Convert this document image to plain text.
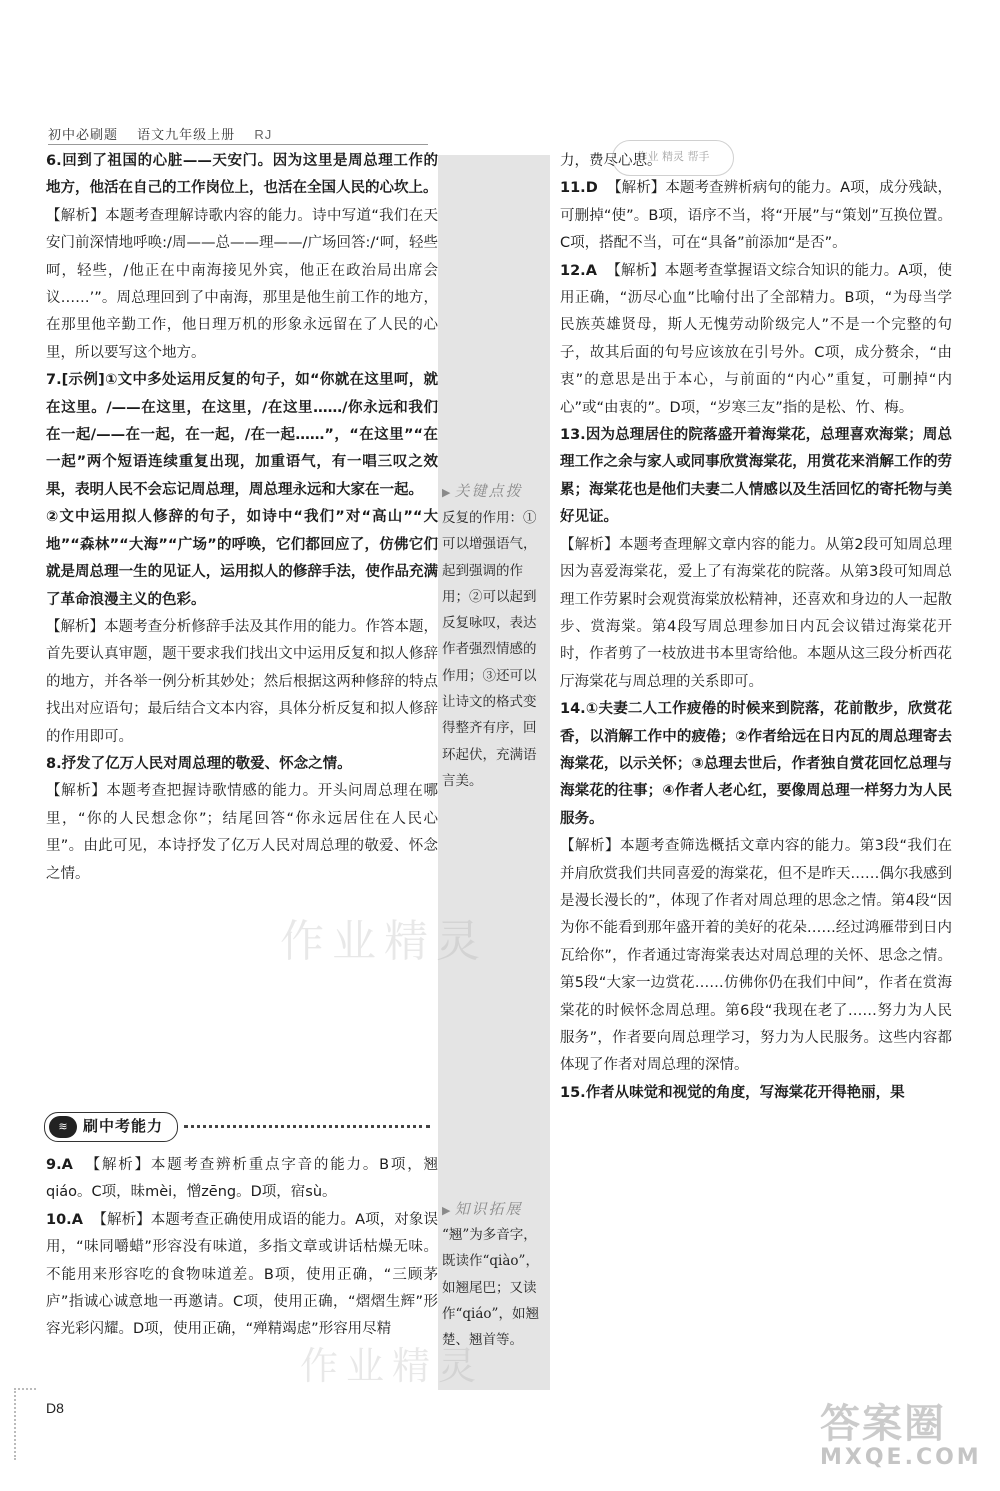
初中必刷题 语文九年级上册 RJ
作业 精灵 帮手
▶ 关键点拨
反复的作用：①可以增强语气，起到强调的作用；②可以起到反复咏叹，表达作者强烈情感的作用；③还可以让诗文的格式变得整齐有序，回环起伏，充满语言美。
▶ 知识拓展
“翘”为多音字，既读作“qiào”，如翘尾巴；又读作“qiáo”，如翘楚、翘首等。

6.回到了祖国的心脏——天安门。因为这里是周总理工作的地方，他活在自己的工作岗位上，也活在全国人民的心坎上。

【解析】本题考查理解诗歌内容的能力。诗中写道“我们在天安门前深情地呼唤:/周——总——理——/广场回答:/‘呵，轻些呵，轻些，/他正在中南海接见外宾，他正在政治局出席会议……’”。周总理回到了中南海，那里是他生前工作的地方，在那里他辛勤工作，他日理万机的形象永远留在了人民的心里，所以要写这个地方。

7.[示例]①文中多处运用反复的句子，如“你就在这里呵，就在这里。/——在这里，在这里，/在这里……/你永远和我们在一起/——在一起，在一起，/在一起……”，“在这里”“在一起”两个短语连续重复出现，加重语气，有一唱三叹之效果，表明人民不会忘记周总理，周总理永远和大家在一起。

②文中运用拟人修辞的句子，如诗中“我们”对“高山”“大地”“森林”“大海”“广场”的呼唤，它们都回应了，仿佛它们就是周总理一生的见证人，运用拟人的修辞手法，使作品充满了革命浪漫主义的色彩。

【解析】本题考查分析修辞手法及其作用的能力。作答本题，首先要认真审题，题干要求我们找出文中运用反复和拟人修辞的地方，并各举一例分析其妙处；然后根据这两种修辞的特点找出对应语句；最后结合文本内容，具体分析反复和拟人修辞的作用即可。

8.抒发了亿万人民对周总理的敬爱、怀念之情。

【解析】本题考查把握诗歌情感的能力。开头问周总理在哪里，“你的人民想念你”；结尾回答“你永远居住在人民心里”。由此可见，本诗抒发了亿万人民对周总理的敬爱、怀念之情。

≋	刷中考能力

9.A 【解析】本题考查辨析重点字音的能力。B项，翘qiáo。C项，昧mèi，憎zēng。D项，宿sù。

10.A 【解析】本题考查正确使用成语的能力。A项，对象误用，“味同嚼蜡”形容没有味道，多指文章或讲话枯燥无味。不能用来形容吃的食物味道差。B项，使用正确，“三顾茅庐”指诚心诚意地一再邀请。C项，使用正确，“熠熠生辉”形容光彩闪耀。D项，使用正确，“殚精竭虑”形容用尽精

力，费尽心思。

11.D 【解析】本题考查辨析病句的能力。A项，成分残缺，可删掉“使”。B项，语序不当，将“开展”与“策划”互换位置。C项，搭配不当，可在“具备”前添加“是否”。

12.A 【解析】本题考查掌握语文综合知识的能力。A项，使用正确，“沥尽心血”比喻付出了全部精力。B项，“为母当学民族英雄贤母，斯人无愧劳动阶级完人”不是一个完整的句子，故其后面的句号应该放在引号外。C项，成分赘余，“由衷”的意思是出于本心，与前面的“内心”重复，可删掉“内心”或“由衷的”。D项，“岁寒三友”指的是松、竹、梅。

13.因为总理居住的院落盛开着海棠花，总理喜欢海棠；周总理工作之余与家人或同事欣赏海棠花，用赏花来消解工作的劳累；海棠花也是他们夫妻二人情感以及生活回忆的寄托物与美好见证。

【解析】本题考查理解文章内容的能力。从第2段可知周总理因为喜爱海棠花，爱上了有海棠花的院落。从第3段可知周总理工作劳累时会观赏海棠放松精神，还喜欢和身边的人一起散步、赏海棠。第4段写周总理参加日内瓦会议错过海棠花开时，作者剪了一枝放进书本里寄给他。本题从这三段分析西花厅海棠花与周总理的关系即可。

14.①夫妻二人工作疲倦的时候来到院落，花前散步，欣赏花香，以消解工作中的疲倦；②作者给远在日内瓦的周总理寄去海棠花，以示关怀；③总理去世后，作者独自赏花回忆总理与海棠花的往事；④作者人老心红，要像周总理一样努力为人民服务。

【解析】本题考查筛选概括文章内容的能力。第3段“我们在并肩欣赏我们共同喜爱的海棠花，但不是昨天……偶尔我感到是漫长漫长的”，体现了作者对周总理的思念之情。第4段“因为你不能看到那年盛开着的美好的花朵……经过鸿雁带到日内瓦给你”，作者通过寄海棠表达对周总理的关怀、思念之情。第5段“大家一边赏花……仿佛你仍在我们中间”，作者在赏海棠花的时候怀念周总理。第6段“我现在老了……努力为人民服务”，作者要向周总理学习，努力为人民服务。这些内容都体现了作者对周总理的深情。

15.作者从味觉和视觉的角度，写海棠花开得艳丽，果

作业精灵
作业精灵
D8	答案圈
MXQE.COM
